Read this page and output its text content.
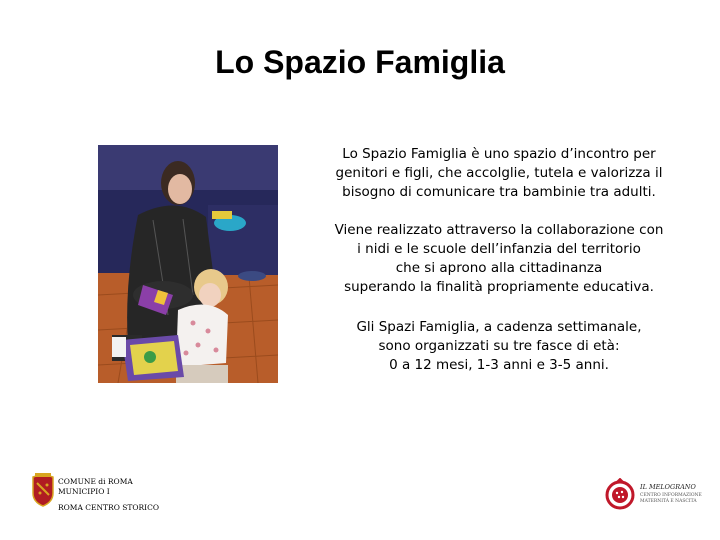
Lo Spazio Famiglia
Lo Spazio Famiglia è uno spazio d’incontro per
genitori e figli, che accolglie, tutela e valorizza il
bisogno di comunicare tra bambinie tra adulti.
Viene realizzato attraverso la collaborazione con
i nidi e le scuole dell’infanzia del territorio
che si aprono alla cittadinanza
superando la finalità propriamente educativa.
Gli Spazi Famiglia, a cadenza settimanale,
sono organizzati su tre fasce di età:
0 a 12 mesi, 1-3 anni e 3-5 anni.
COMUNE di ROMA
MUNICIPIO I
ROMA CENTRO STORICO
IL MELOGRANO
CENTRO INFORMAZIONE MATERNITÀ E NASCITA
